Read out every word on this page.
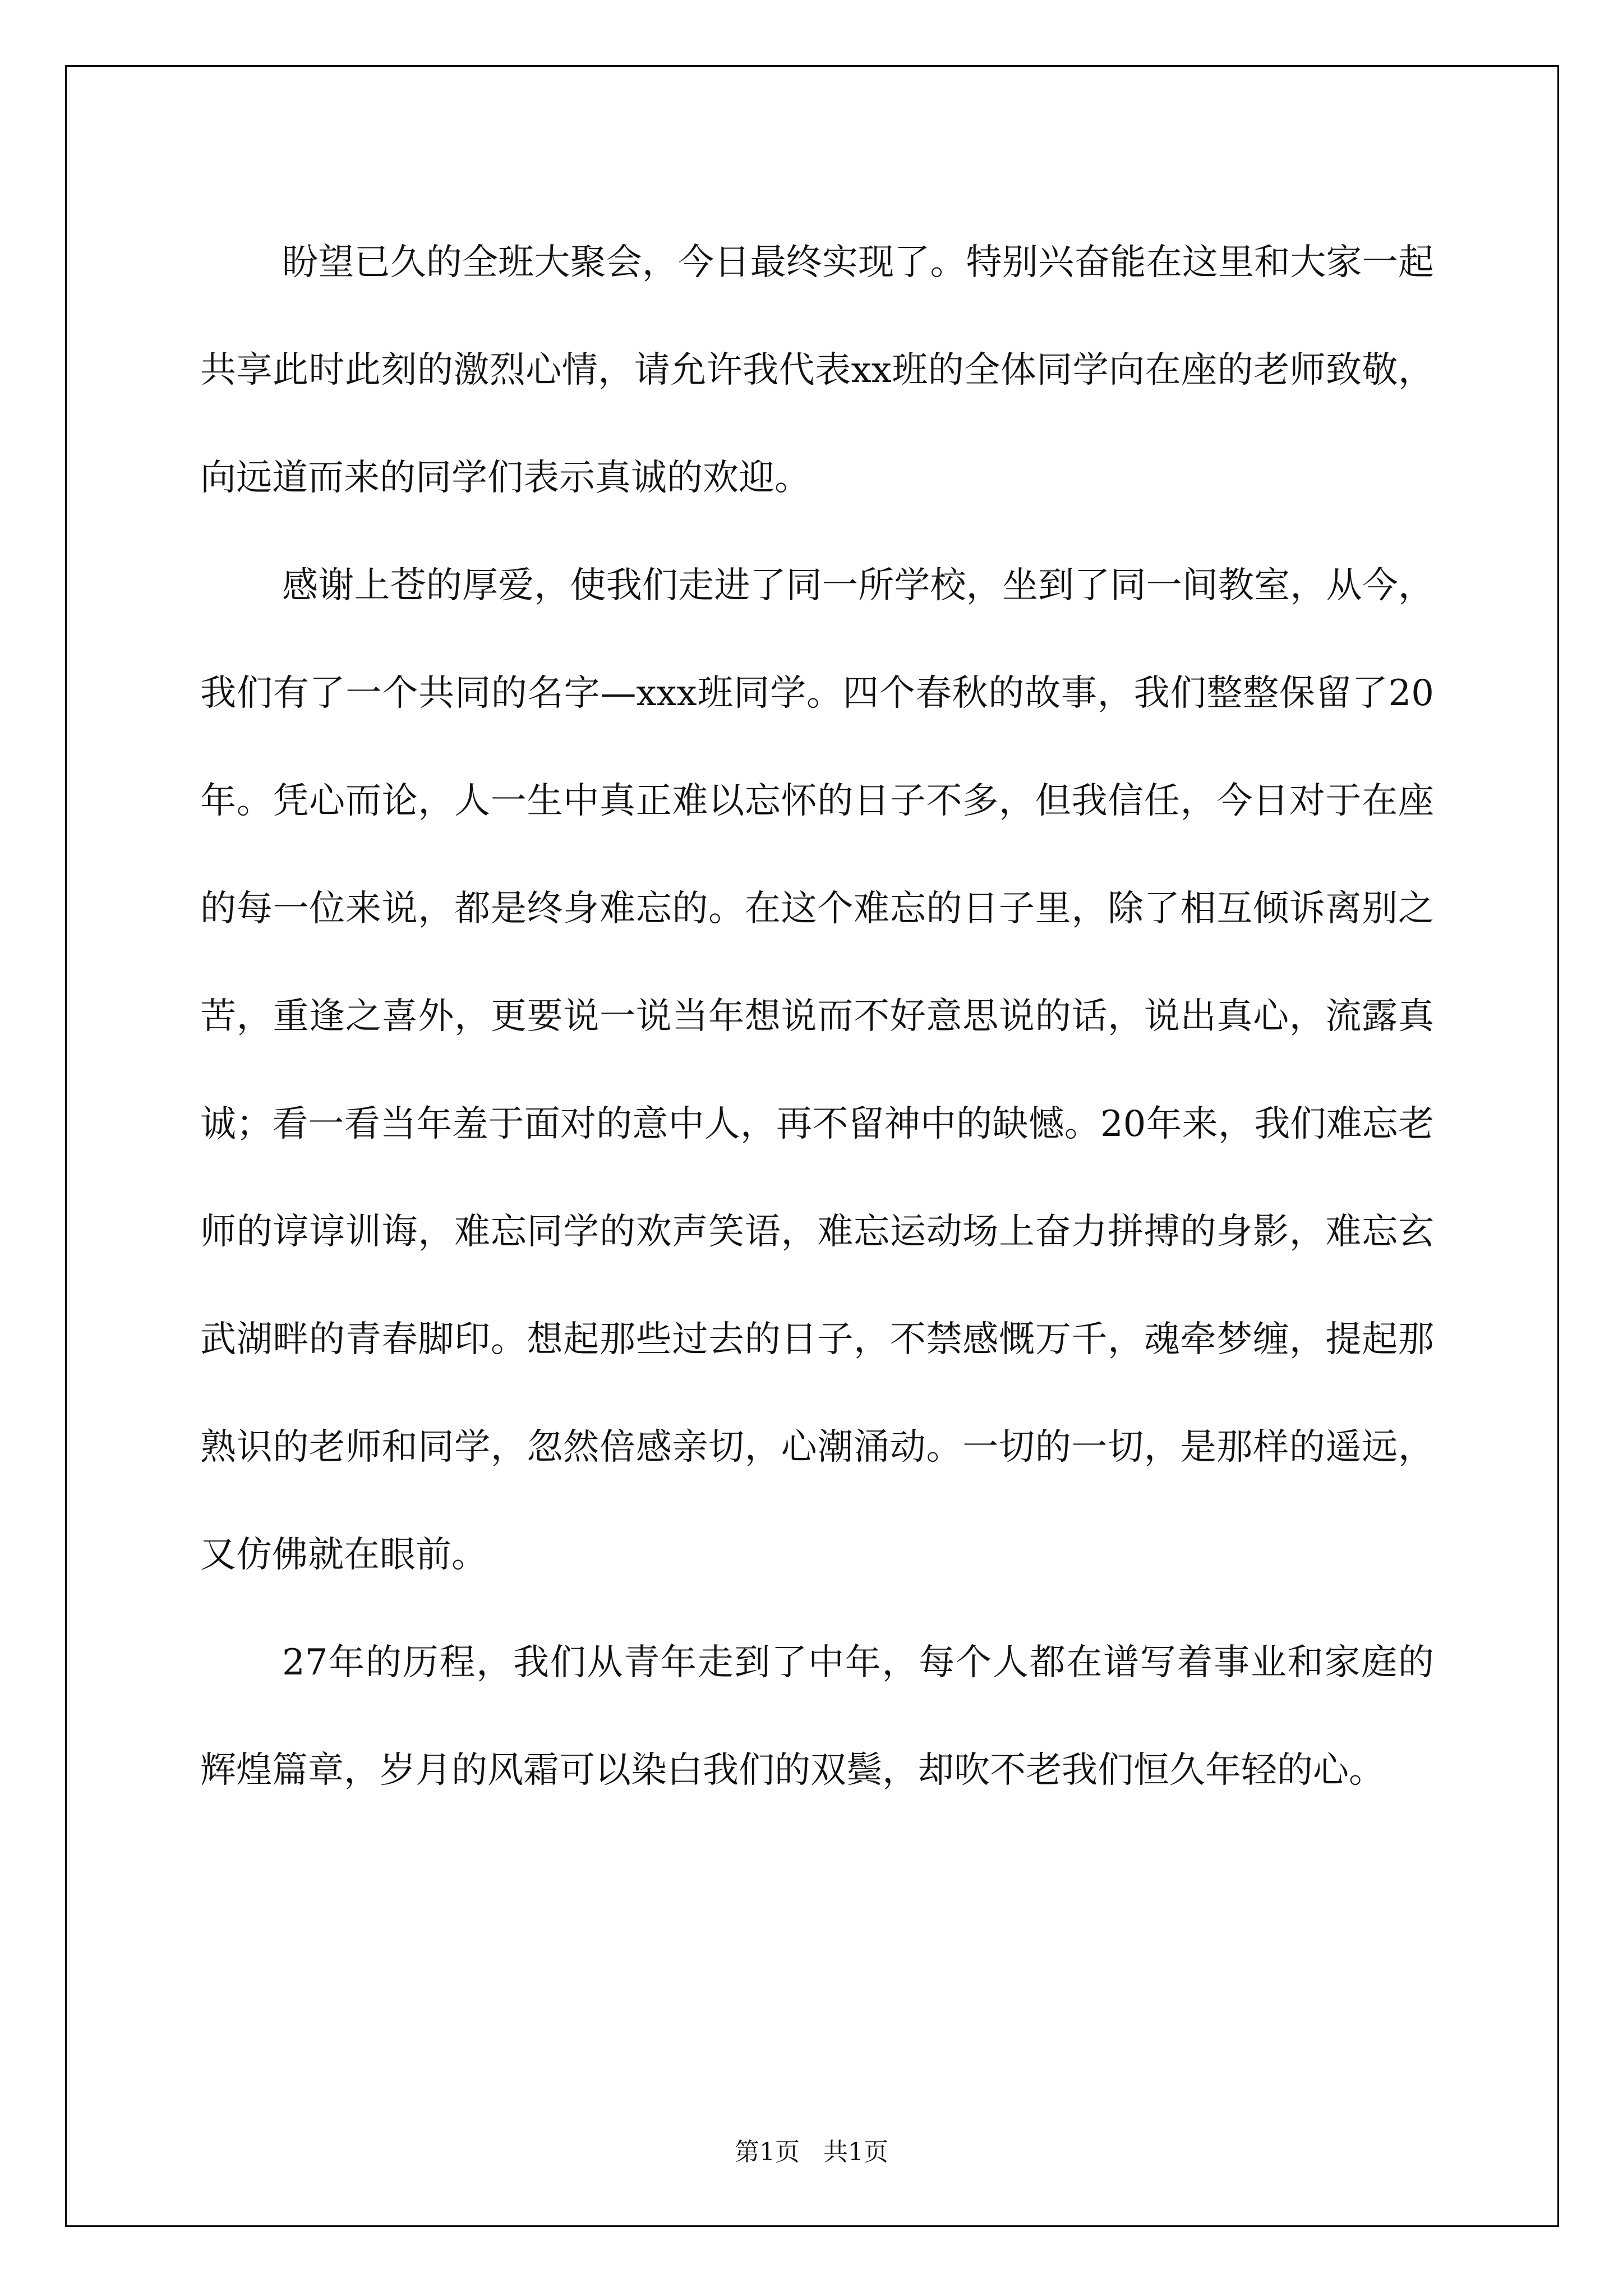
盼望已久的全班大聚会，今日最终实现了。特别兴奋能在这里和大家一起共享此时此刻的激烈心情，请允许我代表xx班的全体同学向在座的老师致敬，向远道而来的同学们表示真诚的欢迎。

感谢上苍的厚爱，使我们走进了同一所学校，坐到了同一间教室，从今，我们有了一个共同的名字—xxx班同学。四个春秋的故事，我们整整保留了20年。凭心而论，人一生中真正难以忘怀的日子不多，但我信任，今日对于在座的每一位来说，都是终身难忘的。在这个难忘的日子里，除了相互倾诉离别之苦，重逢之喜外，更要说一说当年想说而不好意思说的话，说出真心，流露真诚；看一看当年羞于面对的意中人，再不留神中的缺憾。20年来，我们难忘老师的谆谆训诲，难忘同学的欢声笑语，难忘运动场上奋力拼搏的身影，难忘玄武湖畔的青春脚印。想起那些过去的日子，不禁感慨万千，魂牵梦缠，提起那熟识的老师和同学，忽然倍感亲切，心潮涌动。一切的一切，是那样的遥远，又仿佛就在眼前。

27年的历程，我们从青年走到了中年，每个人都在谱写着事业和家庭的辉煌篇章，岁月的风霜可以染白我们的双鬓，却吹不老我们恒久年轻的心。

第1页 共1页
